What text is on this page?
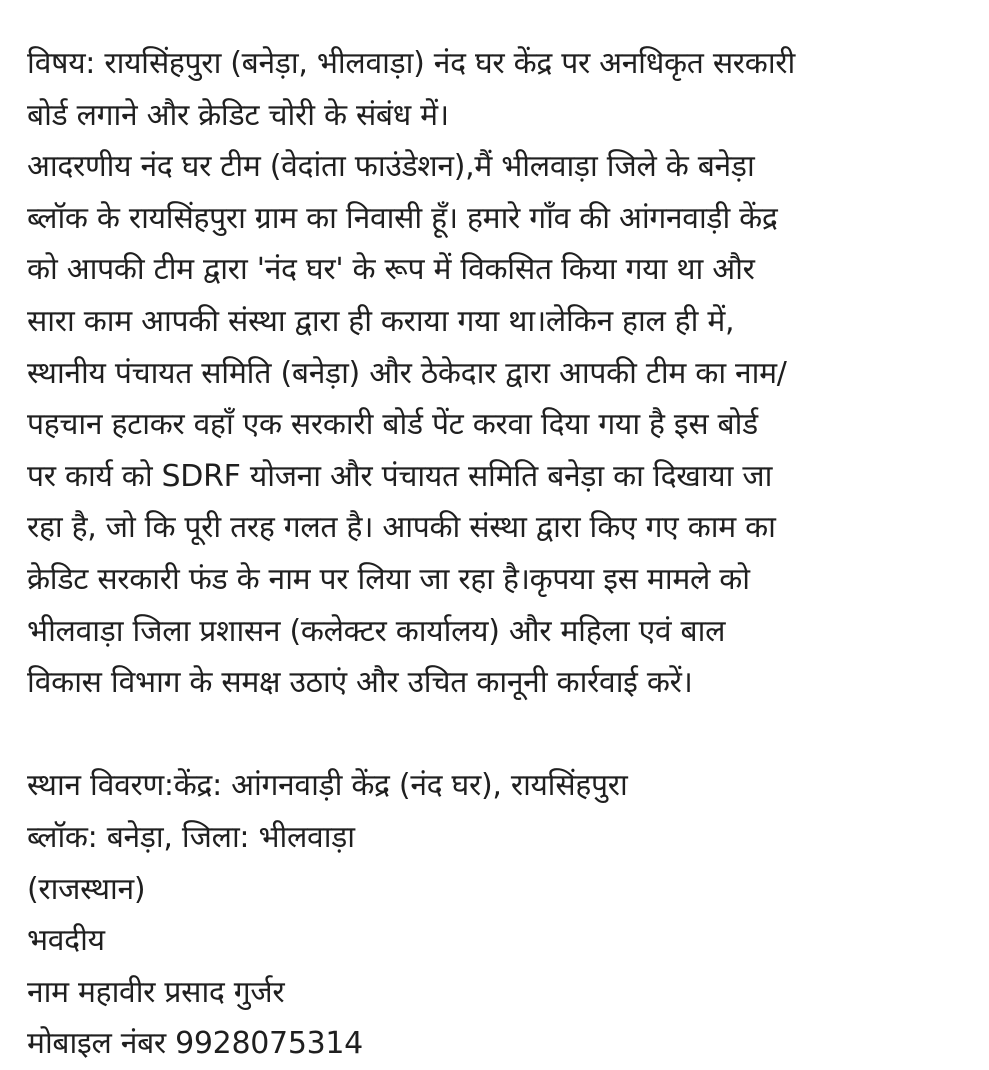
विषय: रायसिंहपुरा (बनेड़ा, भीलवाड़ा) नंद घर केंद्र पर अनधिकृत सरकारी
बोर्ड लगाने और क्रेडिट चोरी के संबंध में।
आदरणीय नंद घर टीम (वेदांता फाउंडेशन),मैं भीलवाड़ा जिले के बनेड़ा
ब्लॉक के रायसिंहपुरा ग्राम का निवासी हूँ। हमारे गाँव की आंगनवाड़ी केंद्र
को आपकी टीम द्वारा 'नंद घर' के रूप में विकसित किया गया था और
सारा काम आपकी संस्था द्वारा ही कराया गया था।लेकिन हाल ही में,
स्थानीय पंचायत समिति (बनेड़ा) और ठेकेदार द्वारा आपकी टीम का नाम/
पहचान हटाकर वहाँ एक सरकारी बोर्ड पेंट करवा दिया गया है इस बोर्ड
पर कार्य को SDRF योजना और पंचायत समिति बनेड़ा का दिखाया जा
रहा है, जो कि पूरी तरह गलत है। आपकी संस्था द्वारा किए गए काम का
क्रेडिट सरकारी फंड के नाम पर लिया जा रहा है।कृपया इस मामले को
भीलवाड़ा जिला प्रशासन (कलेक्टर कार्यालय) और महिला एवं बाल
विकास विभाग के समक्ष उठाएं और उचित कानूनी कार्रवाई करें।
स्थान विवरण:केंद्र: आंगनवाड़ी केंद्र (नंद घर), रायसिंहपुरा
ब्लॉक: बनेड़ा, जिला: भीलवाड़ा
(राजस्थान)
भवदीय
नाम महावीर प्रसाद गुर्जर
मोबाइल नंबर 9928075314
